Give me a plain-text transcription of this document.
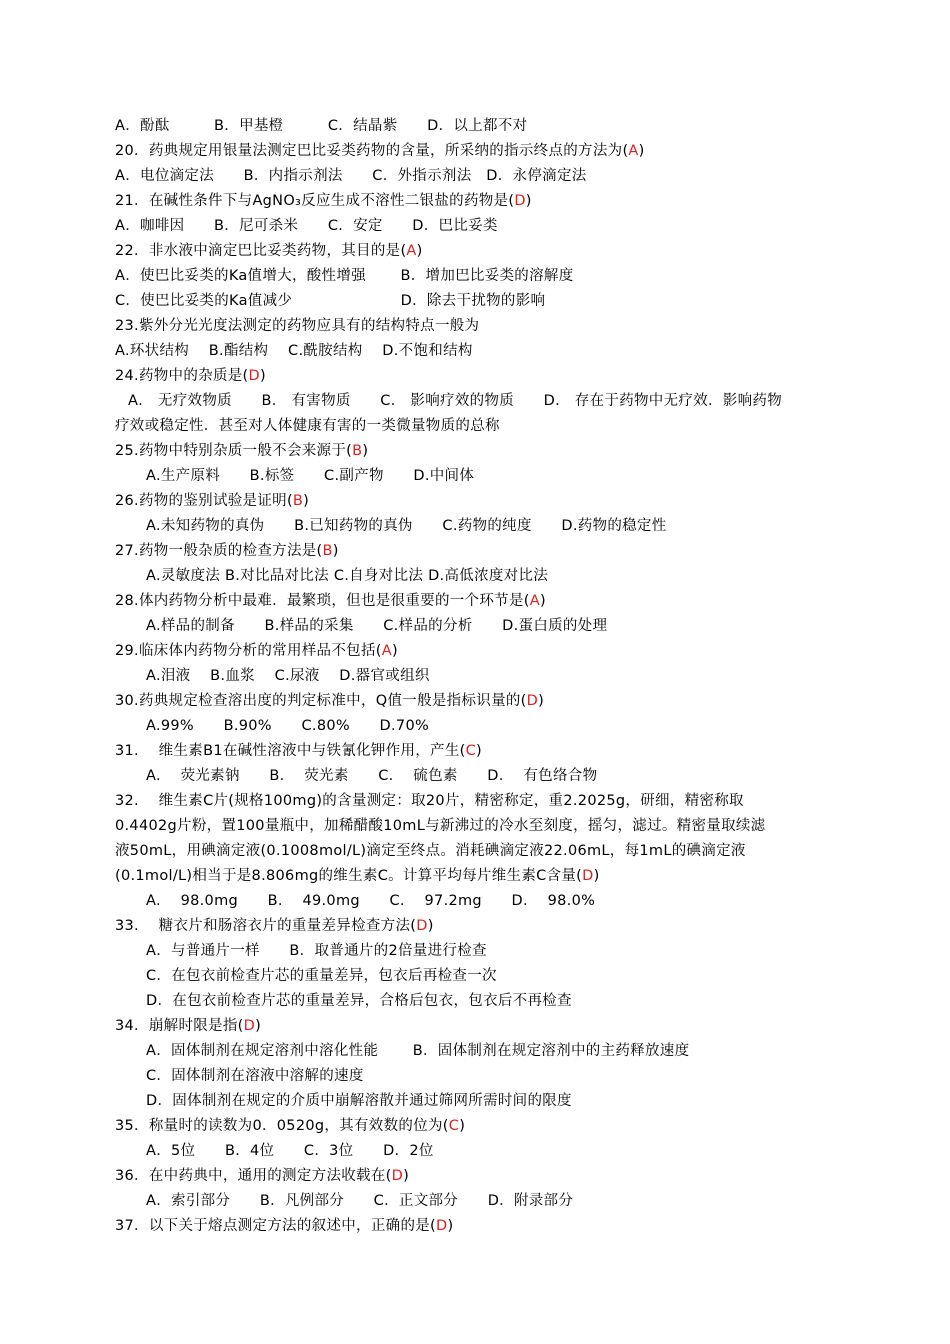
A．酚酞　　　B．甲基橙　　　C．结晶紫　　D．以上都不对
20．药典规定用银量法测定巴比妥类药物的含量，所采纳的指示终点的方法为(A)
A．电位滴定法　　B．内指示剂法　　C．外指示剂法　D．永停滴定法
21．在碱性条件下与AgNO₃反应生成不溶性二银盐的药物是(D)
A．咖啡因　　B．尼可杀米　　C．安定　　D．巴比妥类
22．非水液中滴定巴比妥类药物，其目的是(A)
A．使巴比妥类的Ka值增大，酸性增强　　 B．增加巴比妥类的溶解度
C．使巴比妥类的Ka值减少　　　　　　　 D．除去干扰物的影响
23.紫外分光光度法测定的药物应具有的结构特点一般为
A.环状结构　 B.酯结构　 C.酰胺结构　 D.不饱和结构
24.药物中的杂质是(D)
A． 无疗效物质　　B． 有害物质　　C． 影响疗效的物质　　D． 存在于药物中无疗效．影响药物
疗效或稳定性．甚至对人体健康有害的一类微量物质的总称
25.药物中特别杂质一般不会来源于(B)
A.生产原料　　B.标签　　C.副产物　　D.中间体
26.药物的鉴别试验是证明(B)
A.未知药物的真伪　　B.已知药物的真伪　　C.药物的纯度　　D.药物的稳定性
27.药物一般杂质的检查方法是(B)
A.灵敏度法 B.对比品对比法 C.自身对比法 D.高低浓度对比法
28.体内药物分析中最难．最繁琐，但也是很重要的一个环节是(A)
A.样品的制备　　B.样品的采集　　C.样品的分析　　D.蛋白质的处理
29.临床体内药物分析的常用样品不包括(A)
A.泪液　 B.血浆　 C.尿液　 D.器官或组织
30.药典规定检查溶出度的判定标准中，Q值一般是指标识量的(D)
A.99%　　B.90%　　C.80%　　D.70%
31.　 维生素B1在碱性溶液中与铁氰化钾作用，产生(C)
A.　 荧光素钠　　B.　 荧光素　　C.　 硫色素　　D.　 有色络合物
32.　 维生素C片(规格100mg)的含量测定：取20片，精密称定，重2.2025g，研细，精密称取
0.4402g片粉，置100量瓶中，加稀醋酸10mL与新沸过的冷水至刻度，摇匀，滤过。精密量取续滤
液50mL，用碘滴定液(0.1008mol/L)滴定至终点。消耗碘滴定液22.06mL，每1mL的碘滴定液
(0.1mol/L)相当于是8.806mg的维生素C。计算平均每片维生素C含量(D)
A.　 98.0mg　　B.　 49.0mg　　C.　 97.2mg　　D.　 98.0%
33.　 糖衣片和肠溶衣片的重量差异检查方法(D)
A．与普通片一样　　B．取普通片的2倍量进行检查
C．在包衣前检查片芯的重量差异，包衣后再检查一次
D．在包衣前检查片芯的重量差异，合格后包衣，包衣后不再检查
34．崩解时限是指(D)
A．固体制剂在规定溶剂中溶化性能　　 B．固体制剂在规定溶剂中的主药释放速度
C．固体制剂在溶液中溶解的速度
D．固体制剂在规定的介质中崩解溶散并通过筛网所需时间的限度
35．称量时的读数为0．0520g，其有效数的位为(C)
A．5位　　B．4位　　C．3位　　D．2位
36．在中药典中，通用的测定方法收载在(D)
A．索引部分　　B．凡例部分　　C．正文部分　　D．附录部分
37．以下关于熔点测定方法的叙述中，正确的是(D)
